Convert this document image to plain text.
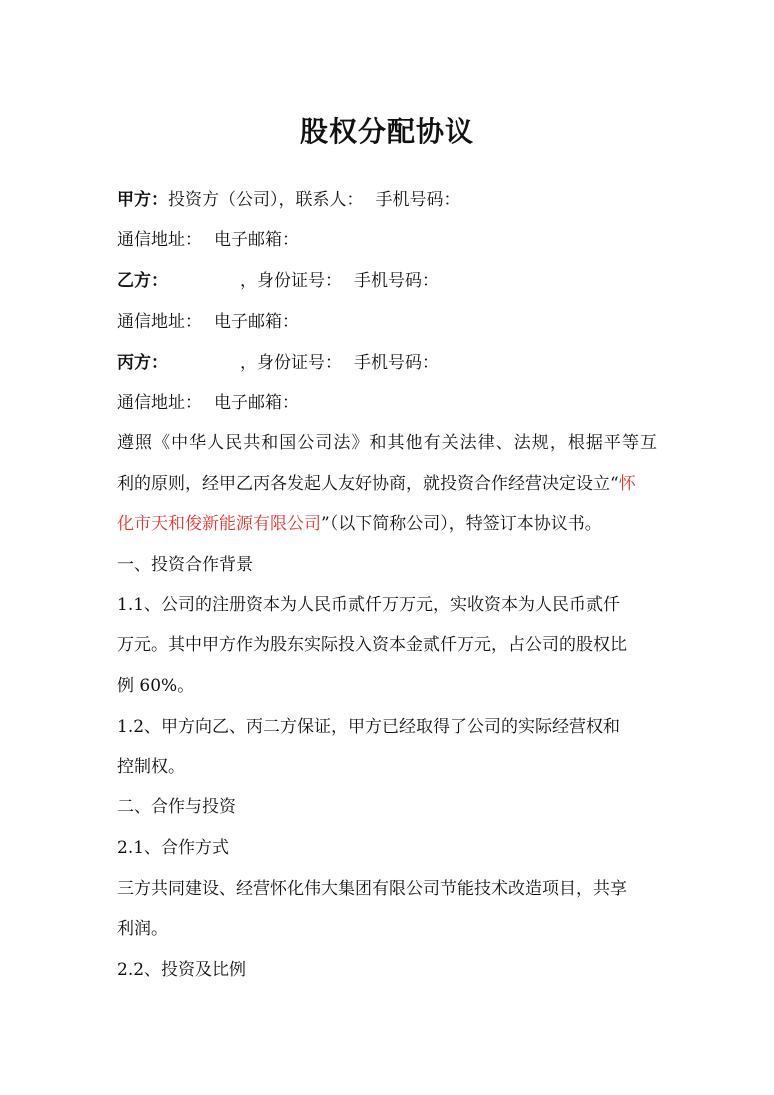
股权分配协议
甲方：投资方（公司），联系人： 手机号码：
通信地址： 电子邮箱：
乙方：	，身份证号： 手机号码：
通信地址： 电子邮箱：
丙方：	，身份证号： 手机号码：
通信地址： 电子邮箱：
遵照《中华人民共和国公司法》和其他有关法律、法规，根据平等互
利的原则，经甲乙丙各发起人友好协商，就投资合作经营决定设立“怀
化市天和俊新能源有限公司”（以下简称公司），特签订本协议书。
一、投资合作背景
1.1、公司的注册资本为人民币贰仟万万元，实收资本为人民币贰仟
万元。其中甲方作为股东实际投入资本金贰仟万元，占公司的股权比
例 60%。
1.2、甲方向乙、丙二方保证，甲方已经取得了公司的实际经营权和
控制权。
二、合作与投资
2.1、合作方式
三方共同建设、经营怀化伟大集团有限公司节能技术改造项目，共享
利润。
2.2、投资及比例
